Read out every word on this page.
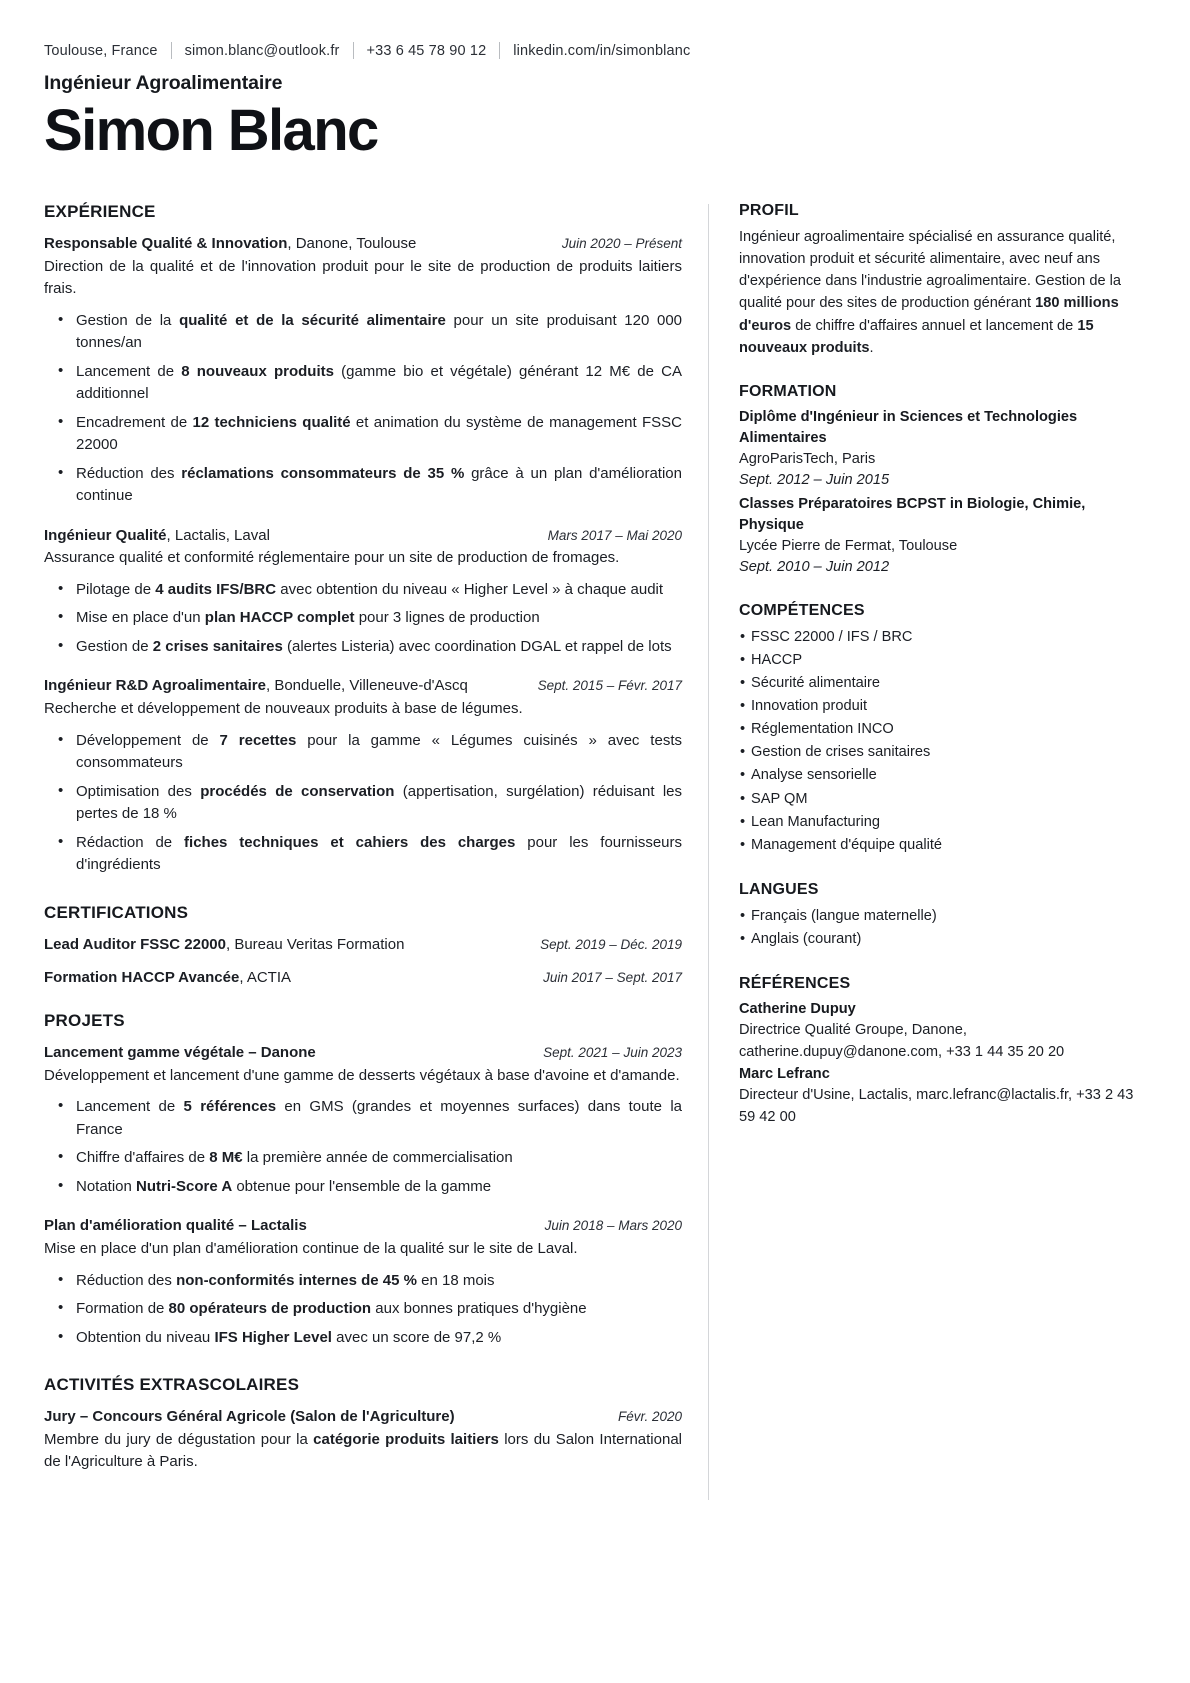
Toulouse, France simon.blanc@outlook.fr +33 6 45 78 90 12 linkedin.com/in/simonblanc
Ingénieur Agroalimentaire
Simon Blanc
EXPÉRIENCE
Responsable Qualité & Innovation, Danone, Toulouse	Juin 2020 – Présent
Direction de la qualité et de l'innovation produit pour le site de production de produits laitiers frais.
• Gestion de la qualité et de la sécurité alimentaire pour un site produisant 120 000 tonnes/an
• Lancement de 8 nouveaux produits (gamme bio et végétale) générant 12 M€ de CA additionnel
• Encadrement de 12 techniciens qualité et animation du système de management FSSC 22000
• Réduction des réclamations consommateurs de 35 % grâce à un plan d'amélioration continue
Ingénieur Qualité, Lactalis, Laval	Mars 2017 – Mai 2020
Assurance qualité et conformité réglementaire pour un site de production de fromages.
• Pilotage de 4 audits IFS/BRC avec obtention du niveau « Higher Level » à chaque audit
• Mise en place d'un plan HACCP complet pour 3 lignes de production
• Gestion de 2 crises sanitaires (alertes Listeria) avec coordination DGAL et rappel de lots
Ingénieur R&D Agroalimentaire, Bonduelle, Villeneuve-d'Ascq	Sept. 2015 – Févr. 2017
Recherche et développement de nouveaux produits à base de légumes.
• Développement de 7 recettes pour la gamme « Légumes cuisinés » avec tests consommateurs
• Optimisation des procédés de conservation (appertisation, surgélation) réduisant les pertes de 18 %
• Rédaction de fiches techniques et cahiers des charges pour les fournisseurs d'ingrédients
CERTIFICATIONS
Lead Auditor FSSC 22000, Bureau Veritas Formation	Sept. 2019 – Déc. 2019
Formation HACCP Avancée, ACTIA	Juin 2017 – Sept. 2017
PROJETS
Lancement gamme végétale – Danone	Sept. 2021 – Juin 2023
Développement et lancement d'une gamme de desserts végétaux à base d'avoine et d'amande.
• Lancement de 5 références en GMS (grandes et moyennes surfaces) dans toute la France
• Chiffre d'affaires de 8 M€ la première année de commercialisation
• Notation Nutri-Score A obtenue pour l'ensemble de la gamme
Plan d'amélioration qualité – Lactalis	Juin 2018 – Mars 2020
Mise en place d'un plan d'amélioration continue de la qualité sur le site de Laval.
• Réduction des non-conformités internes de 45 % en 18 mois
• Formation de 80 opérateurs de production aux bonnes pratiques d'hygiène
• Obtention du niveau IFS Higher Level avec un score de 97,2 %
ACTIVITÉS EXTRASCOLAIRES
Jury – Concours Général Agricole (Salon de l'Agriculture)	Févr. 2020
Membre du jury de dégustation pour la catégorie produits laitiers lors du Salon International de l'Agriculture à Paris.
PROFIL
Ingénieur agroalimentaire spécialisé en assurance qualité, innovation produit et sécurité alimentaire, avec neuf ans d'expérience dans l'industrie agroalimentaire. Gestion de la qualité pour des sites de production générant 180 millions d'euros de chiffre d'affaires annuel et lancement de 15 nouveaux produits.
FORMATION
Diplôme d'Ingénieur in Sciences et Technologies Alimentaires
AgroParisTech, Paris
Sept. 2012 – Juin 2015
Classes Préparatoires BCPST in Biologie, Chimie, Physique
Lycée Pierre de Fermat, Toulouse
Sept. 2010 – Juin 2012
COMPÉTENCES
• FSSC 22000 / IFS / BRC
• HACCP
• Sécurité alimentaire
• Innovation produit
• Réglementation INCO
• Gestion de crises sanitaires
• Analyse sensorielle
• SAP QM
• Lean Manufacturing
• Management d'équipe qualité
LANGUES
• Français (langue maternelle)
• Anglais (courant)
RÉFÉRENCES
Catherine Dupuy
Directrice Qualité Groupe, Danone, catherine.dupuy@danone.com, +33 1 44 35 20 20
Marc Lefranc
Directeur d'Usine, Lactalis, marc.lefranc@lactalis.fr, +33 2 43 59 42 00
